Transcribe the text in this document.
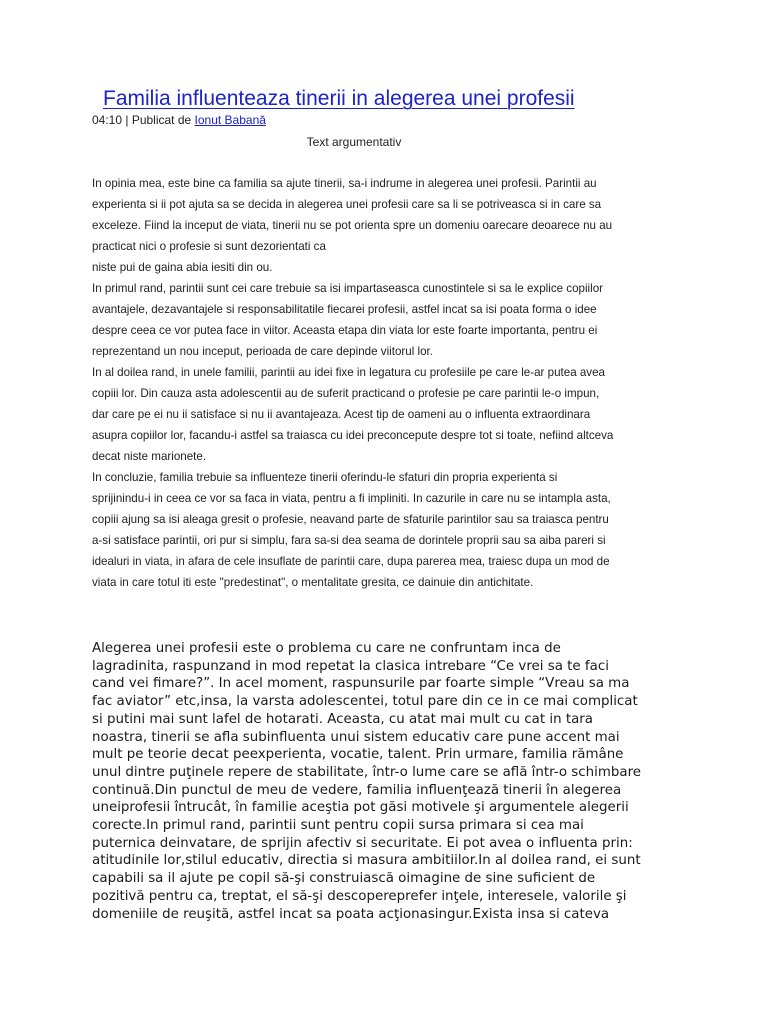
Familia influenteaza tinerii in alegerea unei profesii
04:10 | Publicat de Ionut Babană
Text argumentativ
In opinia mea, este bine ca familia sa ajute tinerii, sa-i indrume in alegerea unei profesii. Parintii au
experienta si ii pot ajuta sa se decida in alegerea unei profesii care sa li se potriveasca si in care sa
exceleze. Fiind la inceput de viata, tinerii nu se pot orienta spre un domeniu oarecare deoarece nu au
practicat nici o profesie si sunt dezorientati ca
niste pui de gaina abia iesiti din ou.
In primul rand, parintii sunt cei care trebuie sa isi impartaseasca cunostintele si sa le explice copiilor
avantajele, dezavantajele si responsabilitatile fiecarei profesii, astfel incat sa isi poata forma o idee
despre ceea ce vor putea face in viitor. Aceasta etapa din viata lor este foarte importanta, pentru ei
reprezentand un nou inceput, perioada de care depinde viitorul lor.
In al doilea rand, in unele familii, parintii au idei fixe in legatura cu profesiile pe care le-ar putea avea
copiii lor. Din cauza asta adolescentii au de suferit practicand o profesie pe care parintii le-o impun,
dar care pe ei nu ii satisface si nu ii avantajeaza. Acest tip de oameni au o influenta extraordinara
asupra copiilor lor, facandu-i astfel sa traiasca cu idei preconcepute despre tot si toate, nefiind altceva
decat niste marionete.
In concluzie, familia trebuie sa influenteze tinerii oferindu-le sfaturi din propria experienta si
sprijinindu-i in ceea ce vor sa faca in viata, pentru a fi impliniti. In cazurile in care nu se intampla asta,
copiii ajung sa isi aleaga gresit o profesie, neavand parte de sfaturile parintilor sau sa traiasca pentru
a-si satisface parintii, ori pur si simplu, fara sa-si dea seama de dorintele proprii sau sa aiba pareri si
idealuri in viata, in afara de cele insuflate de parintii care, dupa parerea mea, traiesc dupa un mod de
viata in care totul iti este "predestinat", o mentalitate gresita, ce dainuie din antichitate.
Alegerea unei profesii este o problema cu care ne confruntam inca de
lagradinita, raspunzand in mod repetat la clasica intrebare “Ce vrei sa te faci
cand vei fimare?”. In acel moment, raspunsurile par foarte simple “Vreau sa ma
fac aviator” etc,insa, la varsta adolescentei, totul pare din ce in ce mai complicat
si putini mai sunt lafel de hotarati. Aceasta, cu atat mai mult cu cat in tara
noastra, tinerii se afla subinfluenta unui sistem educativ care pune accent mai
mult pe teorie decat peexperienta, vocatie, talent. Prin urmare, familia rămâne
unul dintre puţinele repere de stabilitate, într-o lume care se află într-o schimbare
continuă.Din punctul de meu de vedere, familia influenţează tinerii în alegerea
uneiprofesii întrucât, în familie aceştia pot găsi motivele şi argumentele alegerii
corecte.In primul rand, parintii sunt pentru copii sursa primara si cea mai
puternica deinvatare, de sprijin afectiv si securitate. Ei pot avea o influenta prin:
atitudinile lor,stilul educativ, directia si masura ambitiilor.In al doilea rand, ei sunt
capabili sa il ajute pe copil să-şi construiască oimagine de sine suficient de
pozitivă pentru ca, treptat, el să-şi descopereprefer inţele, interesele, valorile şi
domeniile de reuşită, astfel incat sa poata acţionasingur.Exista insa si cateva
